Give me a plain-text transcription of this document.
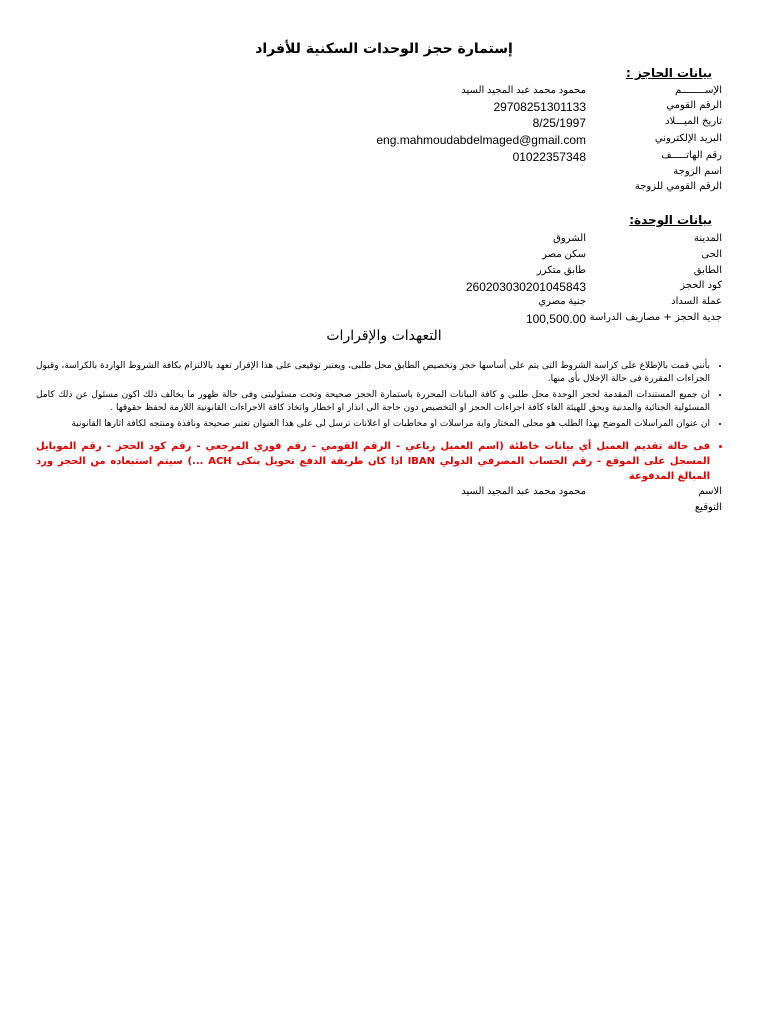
إستمارة حجز الوحدات السكنية للأفراد
بيانات الحاجز :
الإســــــــم
محمود محمد عبد المجيد السيد
الرقم القومي
29708251301133
تاريخ الميـــلاد
8/25/1997
البريد الإلكتروني
eng.mahmoudabdelmaged@gmail.com
رقم الهاتـــــف
01022357348
اسم الزوجة
الرقم القومي للزوجة
بيانات الوحدة:
المدينة
الشروق
الحى
سكن مصر
الطابق
طابق متكرر
كود الحجز
260203030201045843
عملة السداد
جنية مصري
جدية الحجز + مصاريف الدراسة
100,500.00
التعهدات والإقرارات
• بأنني قمت بالإطلاع على كراسة الشروط التى يتم على أساسها حجز وتخصيص الطابق محل طلبى، ويعتبر توقيعى على هذا الإقرار تعهد بالالتزام بكافة الشروط الواردة بالكراسة، وقبول الجزاءات المقررة فى حالة الإخلال بأى منها.
• ان جميع المستندات المقدمة لحجز الوحدة محل طلبى و كافة البيانات المحررة باستمارة الحجز صحيحة وتحت مسئوليتى وفى حالة ظهور ما يخالف ذلك اكون مسئول عن ذلك كامل المسئولية الجنائية والمدنية ويحق للهيئة الغاء كافة اجراءات الحجز او التخصيص دون حاجة الى انذار او اخطار واتخاذ كافة الاجراءات القانونية اللازمة لحفظ حقوقها .
• ان عنوان المراسلات الموضح بهذا الطلب هو محلى المختار واية مراسلات او مخاطبات او اعلانات ترسل لى على هذا العنوان تعتبر صحيحة ونافذة ومنتجه لكافة اثارها القانونية
• فى حالة تقديم العميل أي بيانات خاطئة (اسم العميل رباعي - الرقم القومي - رقم فوري المرجعي - رقم كود الحجز - رقم الموبايل المسجل على الموقع - رقم الحساب المصرفي الدولي IBAN اذا كان طريقة الدفع تحويل بنكى ACH ...) سيتم استبعاده من الحجز ورد المبالغ المدفوعة
الاسم
محمود محمد عبد المجيد السيد
التوقيع
